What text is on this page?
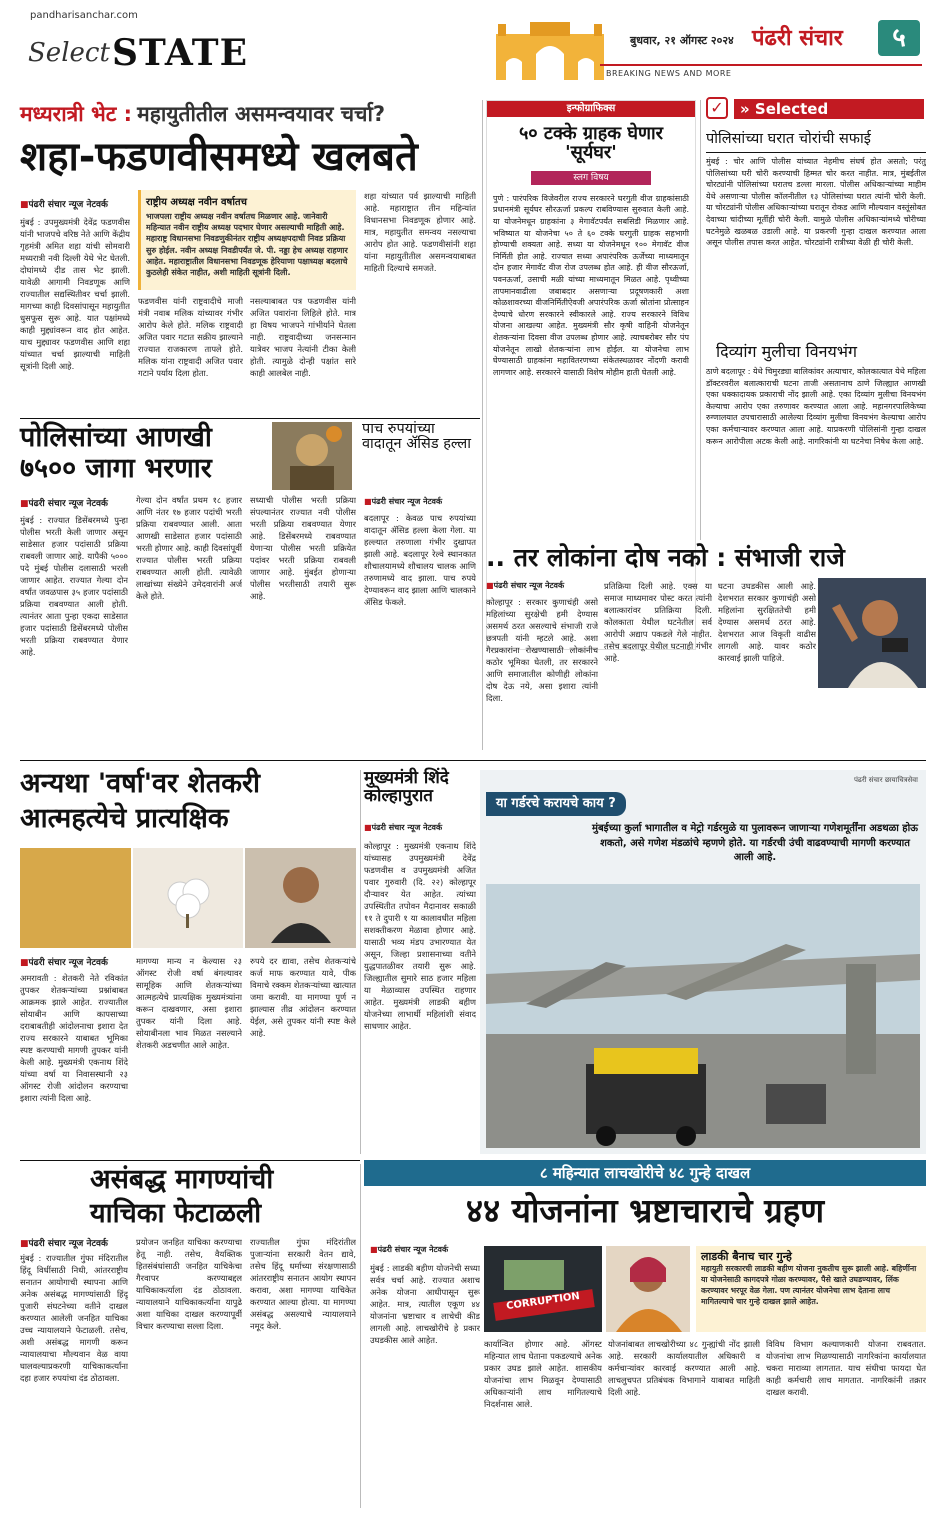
pandharisanchar.com
Select STATE	बुधवार, २१ ऑगस्ट २०२४ पंढरी संचार	५
BREAKING NEWS AND MORE
मध्यरात्री भेट : महायुतीतील असमन्वयावर चर्चा?
शहा-फडणवीसमध्ये खलबते
■ पंढरी संचार न्यूज नेटवर्क
मुंबई : उपमुख्यमंत्री देवेंद्र फडणवीस यांनी भाजपचे वरिष्ठ नेते आणि केंद्रीय गृहमंत्री अमित शहा यांची सोमवारी मध्यरात्री नवी दिल्ली येथे भेट घेतली. दोघांमध्ये दीड तास भेट झाली. यावेळी आगामी निवडणूक आणि राज्यातील सद्यस्थितीवर चर्चा झाली. मागच्या काही दिवसांपासून महायुतीत धुसफूस सुरू आहे. यात पक्षांमध्ये काही मुद्द्यांवरून वाद होत आहेत. याच मुद्द्यावर फडणवीस आणि शहा यांच्यात चर्चा झाल्याची माहिती सूत्रांनी दिली आहे.
राष्ट्रीय अध्यक्ष नवीन वर्षातच
भाजपला राष्ट्रीय अध्यक्ष नवीन वर्षातच मिळणार आहे. जानेवारी महिन्यात नवीन राष्ट्रीय अध्यक्ष पदभार घेणार असल्याची माहिती आहे. महाराष्ट्र विधानसभा निवडणुकीनंतर राष्ट्रीय अध्यक्षपदाची निवड प्रक्रिया सुरु होईल. नवीन अध्यक्ष निवडीपर्यंत जे. पी. नड्डा हेच अध्यक्ष राहणार आहेत. महाराष्ट्रातील विधानसभा निवडणूक हेरियाणा पक्षाध्यक्ष बदलाचे कुठलेही संकेत नाहीत, अशी माहिती सूत्रांनी दिली.
फडणवीस यांनी राष्ट्रवादीचे माजी मंत्री नवाब मलिक यांच्यावर गंभीर आरोप केले होते. मलिक राष्ट्रवादी अजित पवार गटात सक्रीय झाल्याने राज्यात राजकारण तापले होते. मलिक यांना राष्ट्रवादी अजित पवार गटाने पर्याय दिला होता.
नसल्याबाबत पत्र फडणवीस यांनी अजित पवारांना लिहिले होते. मात्र हा विषय भाजपने गांभीर्याने घेतला नाही. राष्ट्रवादीच्या जनसन्मान यात्रेवर भाजप नेत्यांनी टीका केली होती. त्यामुळे दोन्ही पक्षांत सारे काही आलबेल नाही.
शहा यांच्यात पर्व झाल्याची माहिती आहे. महाराष्ट्रात तीन महिन्यांत विधानसभा निवडणूक होणार आहे. मात्र, महायुतीत समन्वय नसल्याचा आरोप होत आहे. फडणवीसांनी शहा यांना महायुतीतील असमन्वयाबाबत माहिती दिल्याचे समजते.
इन्फोग्राफिक्स
५० टक्के ग्राहक घेणार 'सूर्यघर'
स्लग विषय
पुणे : पारंपरिक विजेवरील राज्य सरकारने घरगुती वीज ग्राहकांसाठी प्रधानमंत्री सूर्यघर सौरऊर्जा प्रकल्प राबविण्यास सुरुवात केली आहे. या योजनेमधून ग्राहकांना ३ मेगावॅटपर्यंत सबसिडी मिळणार आहे. भविष्यात या योजनेचा ५० ते ६० टक्के घरगुती ग्राहक सहभागी होण्याची शक्यता आहे. सध्या या योजनेमधून १०० मेगावॅट वीज निर्मिती होत आहे. राज्यात सध्या अपारंपरिक ऊर्जेच्या माध्यमातून दोन हजार मेगावॅट वीज रोज उपलब्ध होत आहे. ही वीज सौरऊर्जा, पवनऊर्जा, उसाची मळी यांच्या माध्यमातून मिळत आहे. पृथ्वीच्या तापमानवाढीला जबाबदार असणाऱ्या प्रदूषणकारी अशा कोळशावरच्या वीजनिर्मितीऐवजी अपारंपरिक ऊर्जा स्रोतांना प्रोत्साहन देण्याचे धोरण सरकारने स्वीकारले आहे. राज्य सरकारने विविध योजना आखल्या आहेत. मुख्यमंत्री सौर कृषी वाहिनी योजनेतून शेतकऱ्यांना दिवसा वीज उपलब्ध होणार आहे. त्याचबरोबर सौर पंप योजनेतून लाखो शेतकऱ्यांना लाभ होईल. या योजनेचा लाभ घेण्यासाठी ग्राहकांना महावितरणच्या संकेतस्थळावर नोंदणी करावी लागणार आहे. सरकारने यासाठी विशेष मोहीम हाती घेतली आहे.
✓	» Selected
पोलिसांच्या घरात चोरांची सफाई
मुंबई : चोर आणि पोलीस यांच्यात नेहमीच संघर्ष होत असतो; परंतु पोलिसांच्या घरी चोरी करण्याची हिम्मत चोर करत नाहीत. मात्र, मुंबईतील चोरट्यांनी पोलिसांच्या घरातच डल्ला मारला. पोलीस अधिकाऱ्यांच्या माहीम येथे असणाऱ्या पोलीस कॉलनीतील १३ पोलिसांच्या घरात त्यांनी चोरी केली. या चोरट्यांनी पोलीस अधिकाऱ्यांच्या घरातून रोकड आणि मौल्यवान वस्तूंसोबत देवाच्या चांदीच्या मूर्तीही चोरी केली. यामुळे पोलीस अधिकाऱ्यांमध्ये चोरीच्या घटनेमुळे खळबळ उडाली आहे. या प्रकरणी गुन्हा दाखल करण्यात आला असून पोलीस तपास करत आहेत. चोरट्यांनी रात्रीच्या वेळी ही चोरी केली.
दिव्यांग मुलीचा विनयभंग
ठाणे बदलापूर : येथे चिमुरड्या बालिकांवर अत्याचार, कोलकात्यात येथे महिला डॉक्टरवरील बलात्काराची घटना ताजी असतानाच ठाणे जिल्ह्यात आणखी एका धक्कादायक प्रकाराची नोंद झाली आहे. एका दिव्यांग मुलीचा विनयभंग केल्याचा आरोप एका तरुणावर करण्यात आला आहे. महानगरपालिकेच्या रुग्णालयात उपचारासाठी आलेल्या दिव्यांग मुलीचा विनयभंग केल्याचा आरोप एका कर्मचाऱ्यावर करण्यात आला आहे. याप्रकरणी पोलिसांनी गुन्हा दाखल करून आरोपीला अटक केली आहे. नागरिकांनी या घटनेचा निषेध केला आहे.
पोलिसांच्या आणखी
७५०० जागा भरणार
पाच रुपयांच्या वादातून ॲसिड हल्ला
■ पंढरी संचार न्यूज नेटवर्क
मुंबई : राज्यात डिसेंबरमध्ये पुन्हा पोलीस भरती केली जाणार असून साडेसात हजार पदांसाठी प्रक्रिया राबवली जाणार आहे. यापैकी ५००० पदे मुंबई पोलीस दलासाठी भरली जाणार आहेत. राज्यात गेल्या दोन वर्षांत जवळपास ३५ हजार पदांसाठी प्रक्रिया राबवण्यात आली होती. त्यानंतर आता पुन्हा एकदा साडेसात हजार पदांसाठी डिसेंबरमध्ये पोलीस भरती प्रक्रिया राबवण्यात येणार आहे.
गेल्या दोन वर्षांत प्रथम १८ हजार आणि नंतर १७ हजार पदांची भरती प्रक्रिया राबवण्यात आली. आता आणखी साडेसात हजार पदांसाठी भरती होणार आहे. काही दिवसांपूर्वी राज्यात पोलीस भरती प्रक्रिया राबवण्यात आली होती. त्यावेळी लाखांच्या संख्येने उमेदवारांनी अर्ज केले होते.
सध्याची पोलीस भरती प्रक्रिया संपल्यानंतर राज्यात नवी पोलीस भरती प्रक्रिया राबवण्यात येणार आहे. डिसेंबरमध्ये राबवण्यात येणाऱ्या पोलीस भरती प्रक्रियेत पदांवर भरती प्रक्रिया राबवली जाणार आहे. मुंबईत होणाऱ्या पोलीस भरतीसाठी तयारी सुरू आहे.
■ पंढरी संचार न्यूज नेटवर्क
बदलापूर : केवळ पाच रुपयांच्या वादातून ॲसिड हल्ला केला गेला. या हल्ल्यात तरुणाला गंभीर दुखापत झाली आहे. बदलापूर रेल्वे स्थानकात शौचालयामध्ये शौचालय चालक आणि तरुणामध्ये वाद झाला. पाच रुपये देण्यावरून वाद झाला आणि चालकाने ॲसिड फेकले.
.. तर लोकांना दोष नको : संभाजी राजे
■ पंढरी संचार न्यूज नेटवर्क
कोल्हापूर : सरकार कुणाचंही असो महिलांच्या सुरक्षेची हमी देण्यास असमर्थ ठरत असल्याचे संभाजी राजे छत्रपती यांनी म्हटले आहे. अशा गैरप्रकारांना रोखण्यासाठी लोकांनीच कठोर भूमिका घेतली, तर सरकारने आणि समाजातील कोणीही लोकांना दोष देऊ नये, असा इशारा त्यांनी दिला.
प्रतिक्रिया दिली आहे. एक्स या समाज माध्यमावर पोस्ट करत त्यांनी बलात्कारांवर प्रतिक्रिया दिली. कोलकाता येथील घटनेतील सर्व आरोपी अद्याप पकडले गेले नाहीत. तसेच बदलापूर येथील घटनाही गंभीर आहे.
घटना उघडकीस आली आहे. देशभरात सरकार कुणाचंही असो महिलांना सुरक्षिततेची हमी देण्यास असमर्थ ठरत आहे. देशभरात आज विकृती वाढीस लागली आहे. यावर कठोर कारवाई झाली पाहिजे.
अन्यथा 'वर्षा'वर शेतकरी
आत्महत्येचे प्रात्यक्षिक
■ पंढरी संचार न्यूज नेटवर्क
अमरावती : शेतकरी नेते रविकांत तुपकर शेतकऱ्यांच्या प्रश्नांबाबत आक्रमक झाले आहेत. राज्यातील सोयाबीन आणि कापसाच्या दराबाबतीही आंदोलनाचा इशारा देत राज्य सरकारने याबाबत भूमिका स्पष्ट करण्याची मागणी तुपकर यांनी केली आहे. मुख्यमंत्री एकनाथ शिंदे यांच्या वर्षा या निवासस्थानी २३ ऑगस्ट रोजी आंदोलन करण्याचा इशारा त्यांनी दिला आहे.
मागण्या मान्य न केल्यास २३ ऑगस्ट रोजी वर्षा बंगल्यावर सामूहिक आणि शेतकऱ्यांच्या आत्महत्येचे प्रात्यक्षिक मुख्यमंत्र्यांना करून दाखवणार, असा इशारा तुपकर यांनी दिला आहे. सोयाबीनला भाव मिळत नसल्याने शेतकरी अडचणीत आले आहेत.
रुपये दर द्यावा, तसेच शेतकऱ्यांचे कर्ज माफ करण्यात यावे, पीक विमाचे रक्कम शेतकऱ्यांच्या खात्यात जमा करावी. या मागण्या पूर्ण न झाल्यास तीव्र आंदोलन करण्यात येईल, असे तुपकर यांनी स्पष्ट केले आहे.
मुख्यमंत्री शिंदे कोल्हापुरात
■ पंढरी संचार न्यूज नेटवर्क
कोल्हापूर : मुख्यमंत्री एकनाथ शिंदे यांच्यासह उपमुख्यमंत्री देवेंद्र फडणवीस व उपमुख्यमंत्री अजित पवार गुरुवारी (दि. २२) कोल्हापूर दौऱ्यावर येत आहेत. त्यांच्या उपस्थितीत तपोवन मैदानावर सकाळी ११ ते दुपारी १ या कालावधीत महिला सशक्तीकरण मेळावा होणार आहे. यासाठी भव्य मंडप उभारण्यात येत असून, जिल्हा प्रशासनाच्या वतीने युद्धपातळीवर तयारी सुरू आहे. जिल्ह्यातील सुमारे साठ हजार महिला या मेळाव्यास उपस्थित राहणार आहेत. मुख्यमंत्री लाडकी बहीण योजनेच्या लाभार्थी महिलांशी संवाद साधणार आहेत.
पंढरी संचार छायाचित्रसेवा
या गर्डरचे करायचे काय ?
मुंबईच्या कुर्ला भागातील व मेट्रो गर्डरमुळे या पुलावरून जाणाऱ्या गणेशमूर्तींना अडथळा होऊ शकतो, असे गणेश मंडळांचे म्हणणे होते. या गर्डरची उंची वाढवण्याची मागणी करण्यात आली आहे.
असंबद्ध मागण्यांची
याचिका फेटाळली
■ पंढरी संचार न्यूज नेटवर्क
मुंबई : राज्यातील गुंफा मंदिरातील हिंदू विधींसाठी निधी, आंतरराष्ट्रीय सनातन आयोगाची स्थापना आणि अनेक असंबद्ध मागण्यांसाठी हिंदू पुजारी संघटनेच्या वतीने दाखल करण्यात आलेली जनहित याचिका उच्च न्यायालयाने फेटाळली. तसेच, अशी असंबद्ध मागणी करून न्यायालयाचा मौल्यवान वेळ वाया घालवल्याप्रकरणी याचिकाकर्त्यांना दहा हजार रुपयांचा दंड ठोठावला.
प्रयोजन जनहित याचिका करण्याचा हेतू नाही. तसेच, वैयक्तिक हितसंबंधांसाठी जनहित याचिकेचा गैरवापर करण्याबद्दल याचिकाकर्त्याला दंड ठोठावला. न्यायालयाने याचिकाकर्त्यांना यापुढे अशा याचिका दाखल करण्यापूर्वी विचार करण्याचा सल्ला दिला.
राज्यातील गुंफा मंदिरांतील पुजाऱ्यांना सरकारी वेतन द्यावे, तसेच हिंदू धर्माच्या संरक्षणासाठी आंतरराष्ट्रीय सनातन आयोग स्थापन करावा, अशा मागण्या याचिकेत करण्यात आल्या होत्या. या मागण्या असंबद्ध असल्याचे न्यायालयाने नमूद केले.
८ महिन्यात लाचखोरीचे ४८ गुन्हे दाखल
४४ योजनांना भ्रष्टाचाराचे ग्रहण
■ पंढरी संचार न्यूज नेटवर्क
मुंबई : लाडकी बहीण योजनेची सध्या सर्वत्र चर्चा आहे. राज्यात अशाच अनेक योजना आधीपासून सुरू आहेत. मात्र, त्यातील एकूण ४४ योजनांना भ्रष्टाचार व लाचेची कीड लागली आहे. लाचखोरीचे हे प्रकार उघडकीस आले आहेत.
CORRUPTION
लाडकी बैनाच चार गुन्हे
महायुती सरकारची लाडकी बहीण योजना नुकतीच सुरू झाली आहे. बहिणींना या योजनेसाठी कागदपत्रे गोळा करण्यावर, पैसे खाते उघडण्यावर, लिंक करण्यावर भरपूर वेळ गेला. पण त्यानंतर योजनेचा लाभ देताना लाच मागितल्याचे चार गुन्हे दाखल झाले आहेत.
कार्यान्वित होणार आहे. ऑगस्ट महिन्यात लाच घेताना पकडल्याचे अनेक प्रकार उघड झाले आहेत. शासकीय योजनांचा लाभ मिळवून देण्यासाठी अधिकाऱ्यांनी लाच मागितल्याचे निदर्शनास आले.
योजनांबाबत लाचखोरीच्या ४८ गुन्ह्यांची नोंद झाली आहे. सरकारी कार्यालयातील अधिकारी व कर्मचाऱ्यांवर कारवाई करण्यात आली आहे. लाचलुचपत प्रतिबंधक विभागाने याबाबत माहिती दिली आहे.
विविध विभाग कल्याणकारी योजना राबवतात. योजनांचा लाभ मिळण्यासाठी नागरिकांना कार्यालयात चकरा माराव्या लागतात. याच संधीचा फायदा घेत काही कर्मचारी लाच मागतात. नागरिकांनी तक्रार दाखल करावी.
